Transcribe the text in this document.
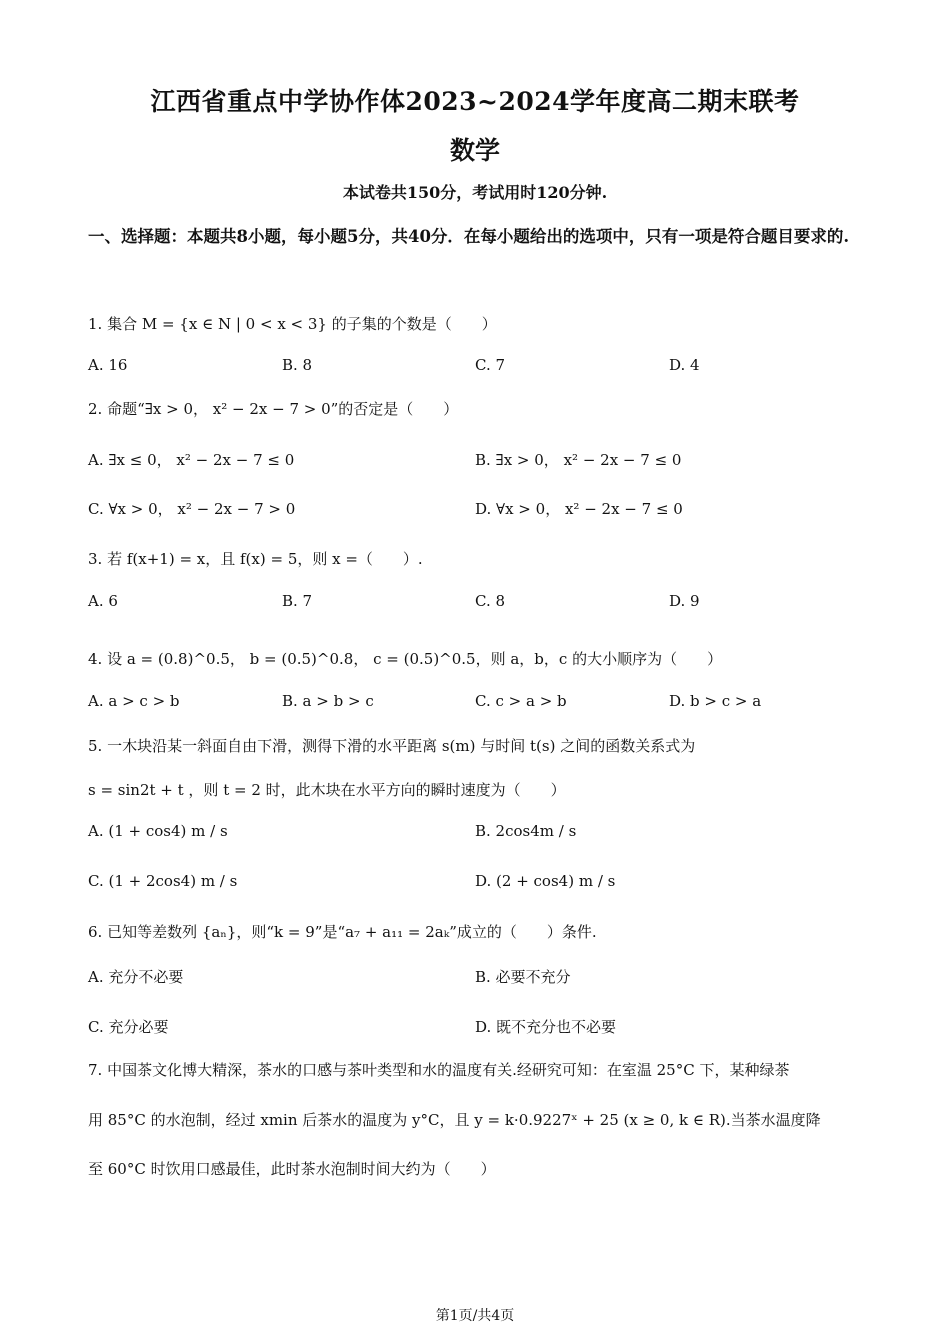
江西省重点中学协作体2023~2024学年度高二期末联考
数学
本试卷共150分，考试用时120分钟.
一、选择题：本题共8小题，每小题5分，共40分．在每小题给出的选项中，只有一项是符合题目要求的.
1. 集合 M = {x ∈ N | 0 < x < 3} 的子集的个数是（　　）
A. 16	B. 8	C. 7	D. 4
2. 命题“∃x > 0， x² − 2x − 7 > 0”的否定是（　　）
A. ∃x ≤ 0， x² − 2x − 7 ≤ 0	B. ∃x > 0， x² − 2x − 7 ≤ 0
C. ∀x > 0， x² − 2x − 7 > 0	D. ∀x > 0， x² − 2x − 7 ≤ 0
3. 若 f(x+1) = x，且 f(x) = 5，则 x =（　　）.
A. 6	B. 7	C. 8	D. 9
4. 设 a = (0.8)^0.5， b = (0.5)^0.8， c = (0.5)^0.5，则 a，b，c 的大小顺序为（　　）
A. a > c > b	B. a > b > c	C. c > a > b	D. b > c > a
5. 一木块沿某一斜面自由下滑，测得下滑的水平距离 s(m) 与时间 t(s) 之间的函数关系式为
s = sin2t + t ，则 t = 2 时，此木块在水平方向的瞬时速度为（　　）
A. (1 + cos4) m / s	B. 2cos4m / s
C. (1 + 2cos4) m / s	D. (2 + cos4) m / s
6. 已知等差数列 {aₙ}，则“k = 9”是“a₇ + a₁₁ = 2aₖ”成立的（　　）条件.
A. 充分不必要	B. 必要不充分
C. 充分必要	D. 既不充分也不必要
7. 中国茶文化博大精深，茶水的口感与茶叶类型和水的温度有关.经研究可知：在室温 25°C 下，某种绿茶
用 85°C 的水泡制，经过 xmin 后茶水的温度为 y°C，且 y = k·0.9227ˣ + 25 (x ≥ 0, k ∈ R).当茶水温度降
至 60°C 时饮用口感最佳，此时茶水泡制时间大约为（　　）
第1页/共4页
